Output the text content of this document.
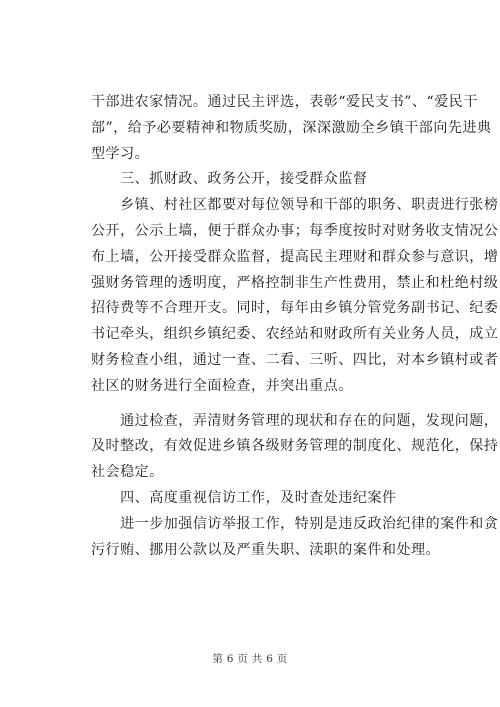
干部进农家情况。通过民主评选，表彰“爱民支书”、“爱民干
部”，给予必要精神和物质奖励，深深激励全乡镇干部向先进典
型学习。
　　三、抓财政、政务公开，接受群众监督
　　乡镇、村社区都要对每位领导和干部的职务、职责进行张榜
公开，公示上墙，便于群众办事；每季度按时对财务收支情况公
布上墙，公开接受群众监督，提高民主理财和群众参与意识，增
强财务管理的透明度，严格控制非生产性费用，禁止和杜绝村级
招待费等不合理开支。同时，每年由乡镇分管党务副书记、纪委
书记牵头，组织乡镇纪委、农经站和财政所有关业务人员，成立
财务检查小组，通过一查、二看、三听、四比，对本乡镇村或者
社区的财务进行全面检查，并突出重点。
　　通过检查，弄清财务管理的现状和存在的问题，发现问题，
及时整改，有效促进乡镇各级财务管理的制度化、规范化，保持
社会稳定。
　　四、高度重视信访工作，及时查处违纪案件
　　进一步加强信访举报工作，特别是违反政治纪律的案件和贪
污行贿、挪用公款以及严重失职、渎职的案件和处理。
第 6 页 共 6 页
